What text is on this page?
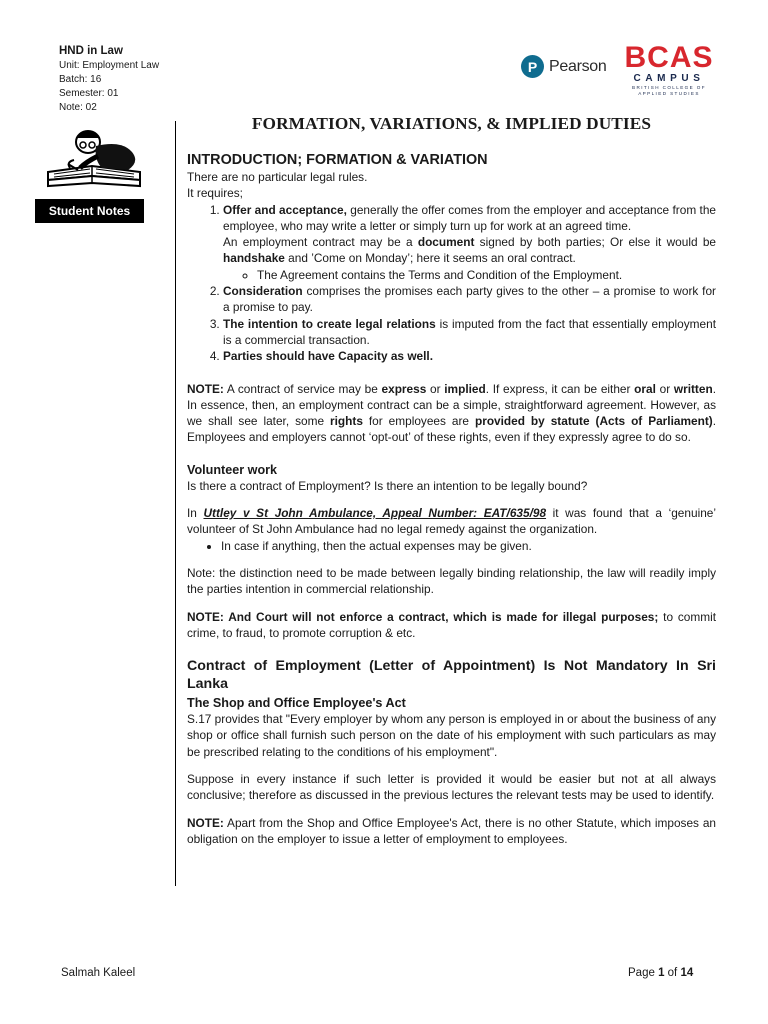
HND in Law
Unit: Employment Law
Batch: 16
Semester: 01
Note: 02
P Pearson BCAS
CAMPUS
BRITISH COLLEGE OF
APPLIED STUDIES
Student Notes
FORMATION, VARIATIONS, & IMPLIED DUTIES
INTRODUCTION; FORMATION & VARIATION

There are no particular legal rules.

It requires;

1. Offer and acceptance, generally the offer comes from the employer and acceptance from the employee, who may write a letter or simply turn up for work at an agreed time.

An employment contract may be a document signed by both parties; Or else it would be handshake and ’Come on Monday’; here it seems an oral contract.

◦ The Agreement contains the Terms and Condition of the Employment.

2. Consideration comprises the promises each party gives to the other – a promise to work for a promise to pay.

3. The intention to create legal relations is imputed from the fact that essentially employment is a commercial transaction.

4. Parties should have Capacity as well.

NOTE: A contract of service may be express or implied. If express, it can be either oral or written. In essence, then, an employment contract can be a simple, straightforward agreement. However, as we shall see later, some rights for employees are provided by statute (Acts of Parliament). Employees and employers cannot ‘opt-out’ of these rights, even if they expressly agree to do so.

Volunteer work

Is there a contract of Employment? Is there an intention to be legally bound?

In Uttley v St John Ambulance, Appeal Number: EAT/635/98 it was found that a ‘genuine’ volunteer of St John Ambulance had no legal remedy against the organization.

• In case if anything, then the actual expenses may be given.

Note: the distinction need to be made between legally binding relationship, the law will readily imply the parties intention in commercial relationship.

NOTE: And Court will not enforce a contract, which is made for illegal purposes; to commit crime, to fraud, to promote corruption & etc.

Contract of Employment (Letter of Appointment) Is Not Mandatory In Sri Lanka
The Shop and Office Employee's Act

S.17 provides that "Every employer by whom any person is employed in or about the business of any shop or office shall furnish such person on the date of his employment with such particulars as may be prescribed relating to the conditions of his employment".

Suppose in every instance if such letter is provided it would be easier but not at all always conclusive; therefore as discussed in the previous lectures the relevant tests may be used to identify.

NOTE: Apart from the Shop and Office Employee's Act, there is no other Statute, which imposes an obligation on the employer to issue a letter of employment to employees.

Salmah Kaleel	Page 1 of 14
